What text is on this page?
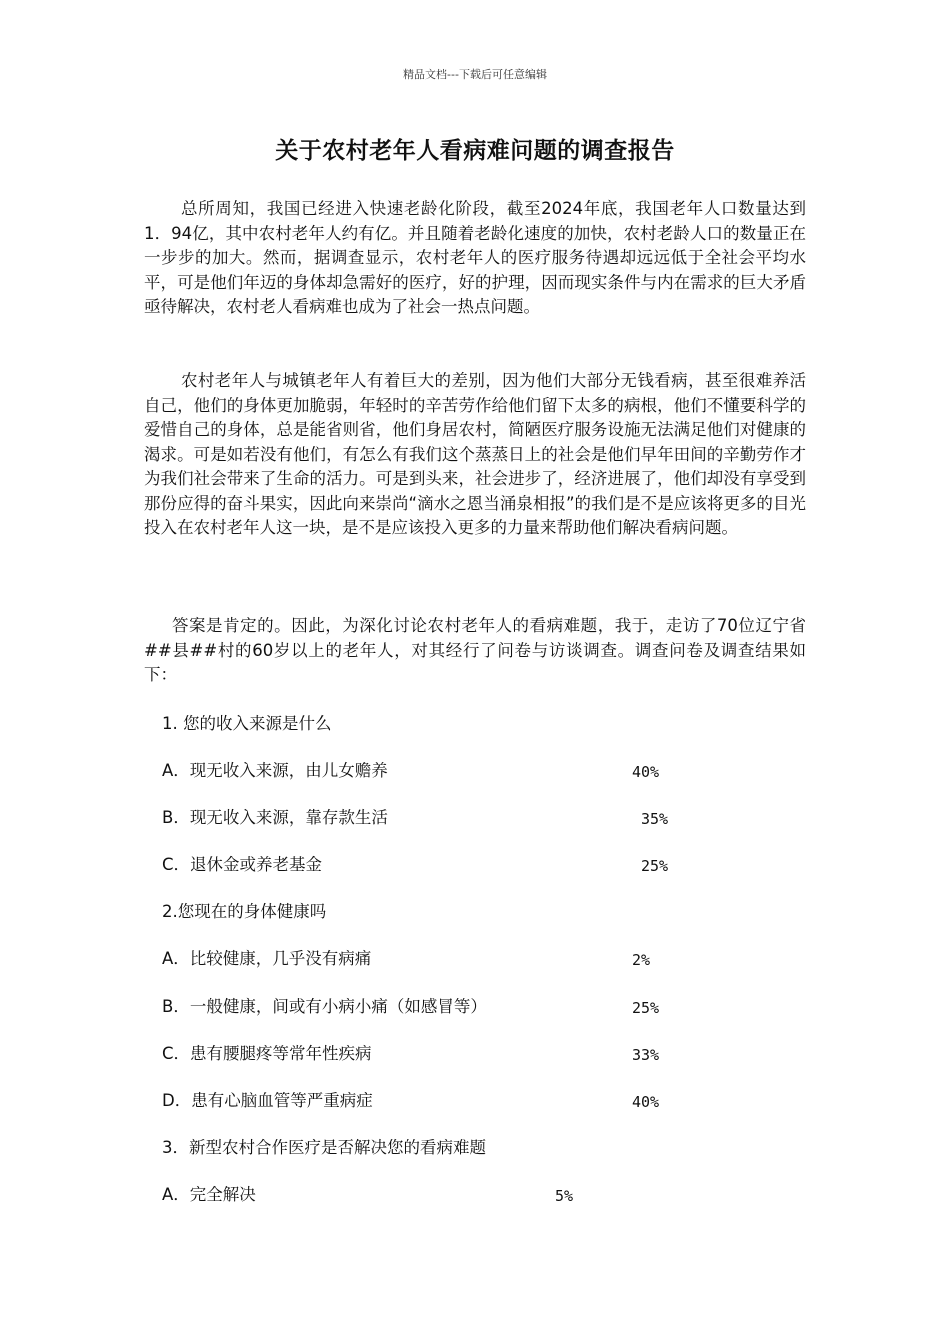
精品文档---下载后可任意编辑
关于农村老年人看病难问题的调查报告

总所周知，我国已经进入快速老龄化阶段，截至2024年底，我国老年人口数量达到1．94亿，其中农村老年人约有亿。并且随着老龄化速度的加快，农村老龄人口的数量正在一步步的加大。然而，据调查显示，农村老年人的医疗服务待遇却远远低于全社会平均水平，可是他们年迈的身体却急需好的医疗，好的护理，因而现实条件与内在需求的巨大矛盾亟待解决，农村老人看病难也成为了社会一热点问题。

农村老年人与城镇老年人有着巨大的差别，因为他们大部分无钱看病，甚至很难养活自己，他们的身体更加脆弱，年轻时的辛苦劳作给他们留下太多的病根，他们不懂要科学的爱惜自己的身体，总是能省则省，他们身居农村，简陋医疗服务设施无法满足他们对健康的渴求。可是如若没有他们，有怎么有我们这个蒸蒸日上的社会是他们早年田间的辛勤劳作才为我们社会带来了生命的活力。可是到头来，社会进步了，经济进展了，他们却没有享受到那份应得的奋斗果实，因此向来崇尚“滴水之恩当涌泉相报”的我们是不是应该将更多的目光投入在农村老年人这一块，是不是应该投入更多的力量来帮助他们解决看病问题。

答案是肯定的。因此，为深化讨论农村老年人的看病难题，我于，走访了70位辽宁省##县##村的60岁以上的老年人，对其经行了问卷与访谈调查。调查问卷及调查结果如下：

1. 您的收入来源是什么
A．现无收入来源，由儿女赡养	40%
B．现无收入来源，靠存款生活	35%
C．退休金或养老基金	25%
2.您现在的身体健康吗
A．比较健康，几乎没有病痛	2%
B．一般健康，间或有小病小痛（如感冒等）	25%
C．患有腰腿疼等常年性疾病	33%
D．患有心脑血管等严重病症	40%
3．新型农村合作医疗是否解决您的看病难题
A．完全解决	5%
